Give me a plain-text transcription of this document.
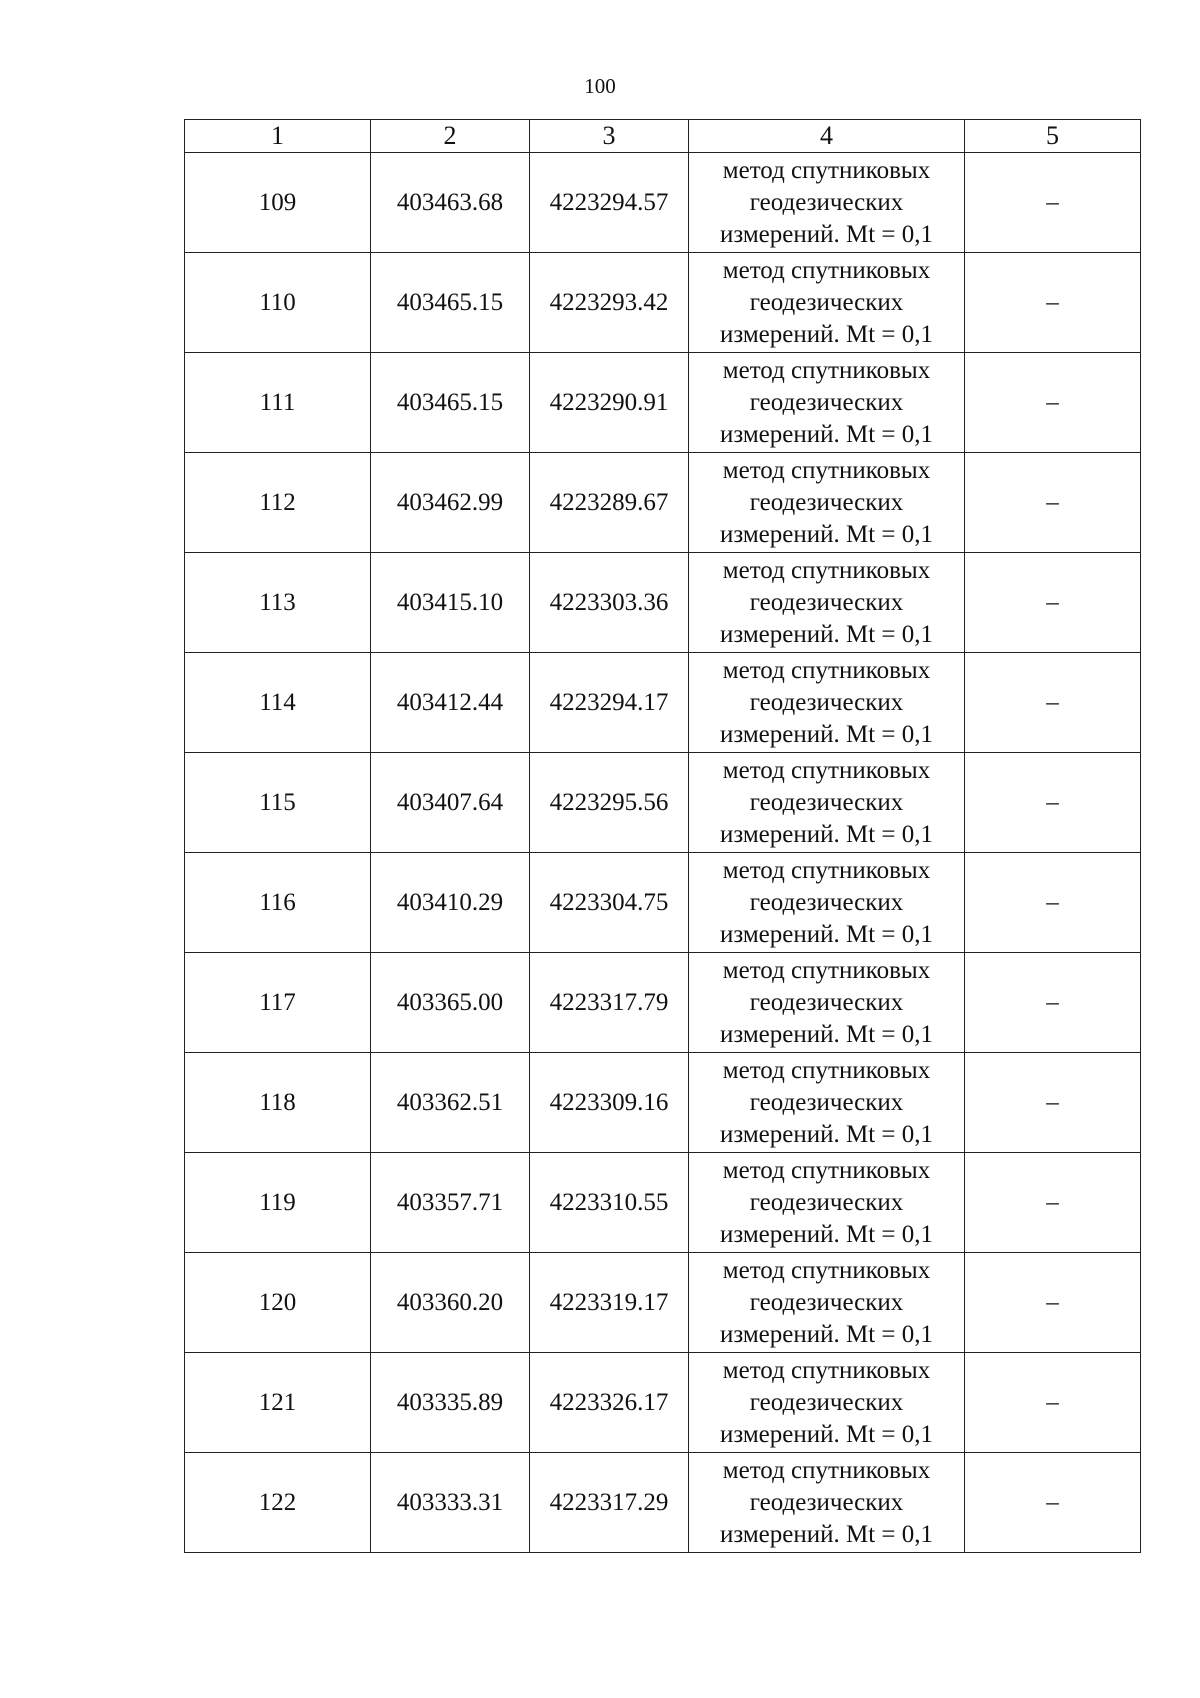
100
1	2	3	4	5
109	403463.68	4223294.57	метод спутниковых геодезических измерений. Mt = 0,1	–
110	403465.15	4223293.42	метод спутниковых геодезических измерений. Mt = 0,1	–
111	403465.15	4223290.91	метод спутниковых геодезических измерений. Mt = 0,1	–
112	403462.99	4223289.67	метод спутниковых геодезических измерений. Mt = 0,1	–
113	403415.10	4223303.36	метод спутниковых геодезических измерений. Mt = 0,1	–
114	403412.44	4223294.17	метод спутниковых геодезических измерений. Mt = 0,1	–
115	403407.64	4223295.56	метод спутниковых геодезических измерений. Mt = 0,1	–
116	403410.29	4223304.75	метод спутниковых геодезических измерений. Mt = 0,1	–
117	403365.00	4223317.79	метод спутниковых геодезических измерений. Mt = 0,1	–
118	403362.51	4223309.16	метод спутниковых геодезических измерений. Mt = 0,1	–
119	403357.71	4223310.55	метод спутниковых геодезических измерений. Mt = 0,1	–
120	403360.20	4223319.17	метод спутниковых геодезических измерений. Mt = 0,1	–
121	403335.89	4223326.17	метод спутниковых геодезических измерений. Mt = 0,1	–
122	403333.31	4223317.29	метод спутниковых геодезических измерений. Mt = 0,1	–
